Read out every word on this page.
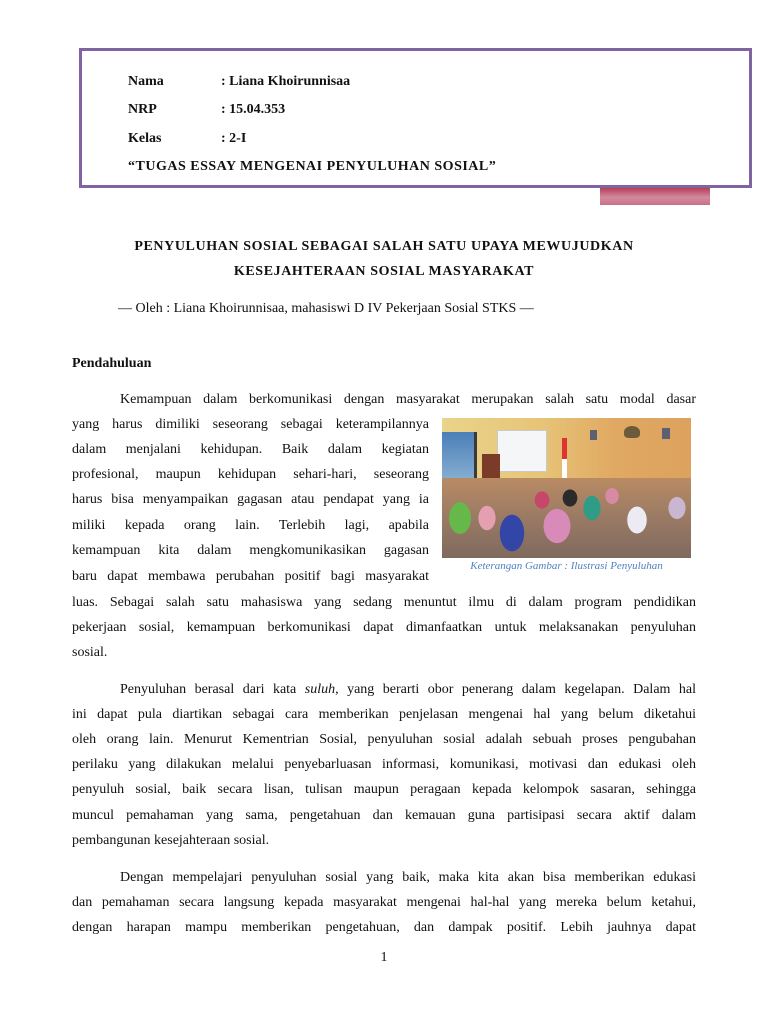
Nama	: Liana Khoirunnisaa
NRP	: 15.04.353
Kelas	: 2-I
“TUGAS ESSAY MENGENAI PENYULUHAN SOSIAL”
PENYULUHAN SOSIAL SEBAGAI SALAH SATU UPAYA MEWUJUDKAN
KESEJAHTERAAN SOSIAL MASYARAKAT
— Oleh : Liana Khoirunnisaa, mahasiswi D IV Pekerjaan Sosial STKS —
Pendahuluan
Kemampuan dalam berkomunikasi dengan masyarakat merupakan salah satu modal dasar
yang harus dimiliki seseorang sebagai keterampilannya
dalam menjalani kehidupan. Baik dalam kegiatan
profesional, maupun kehidupan sehari-hari, seseorang
harus bisa menyampaikan gagasan atau pendapat yang ia
miliki kepada orang lain. Terlebih lagi, apabila
kemampuan kita dalam mengkomunikasikan gagasan
baru dapat membawa perubahan positif bagi masyarakat
luas. Sebagai salah satu mahasiswa yang sedang menuntut ilmu di dalam program pendidikan
pekerjaan sosial, kemampuan berkomunikasi dapat dimanfaatkan untuk melaksanakan penyuluhan
sosial.
Keterangan Gambar : Ilustrasi Penyuluhan
Penyuluhan berasal dari kata suluh, yang berarti obor penerang dalam kegelapan. Dalam hal
ini dapat pula diartikan sebagai cara memberikan penjelasan mengenai hal yang belum diketahui
oleh orang lain. Menurut Kementrian Sosial, penyuluhan sosial adalah sebuah proses pengubahan
perilaku yang dilakukan melalui penyebarluasan informasi, komunikasi, motivasi dan edukasi oleh
penyuluh sosial, baik secara lisan, tulisan maupun peragaan kepada kelompok sasaran, sehingga
muncul pemahaman yang sama, pengetahuan dan kemauan guna partisipasi secara aktif dalam
pembangunan kesejahteraan sosial.
Dengan mempelajari penyuluhan sosial yang baik, maka kita akan bisa memberikan edukasi
dan pemahaman secara langsung kepada masyarakat mengenai hal-hal yang mereka belum ketahui,
dengan harapan mampu memberikan pengetahuan, dan dampak positif. Lebih jauhnya dapat
1
